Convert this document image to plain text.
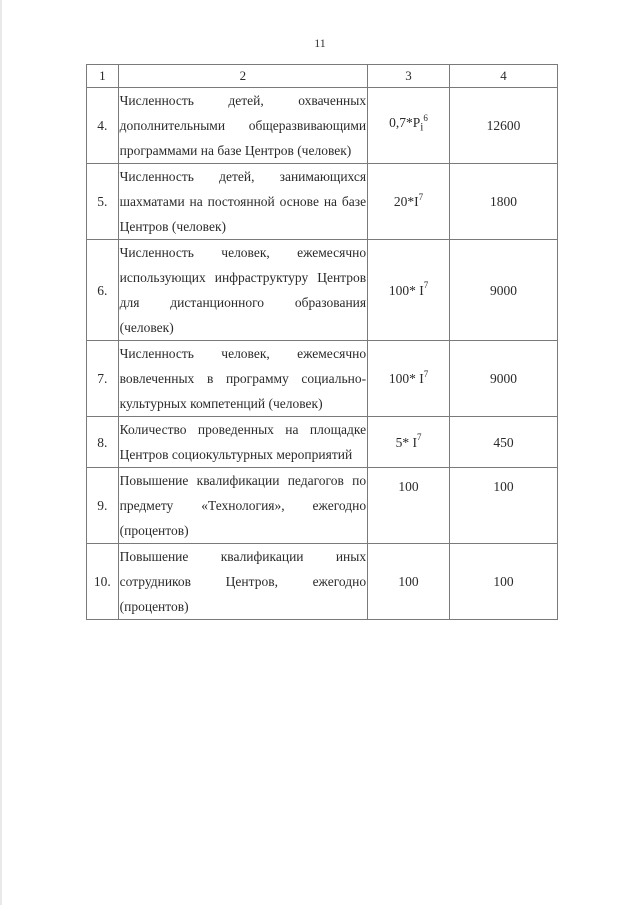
11
1	2	3	4
4.	Численность детей, охваченных дополнительными общеразвивающими программами на базе Центров (человек)	$0,7*P_i^6$	12600
5.	Численность детей, занимающихся шахматами на постоянной основе на базе Центров (человек)	$20*I^7$	1800
6.	Численность человек, ежемесячно использующих инфраструктуру Центров для дистанционного образования (человек)	100* $I^7$	9000
7.	Численность человек, ежемесячно вовлеченных в программу социально-культурных компетенций (человек)	100* $I^7$	9000
8.	Количество проведенных на площадке Центров социокультурных мероприятий	5* $I^7$	450
9.	Повышение квалификации педагогов по предмету «Технология», ежегодно (процентов)	100	100
10.	Повышение квалификации иных сотрудников Центров, ежегодно (процентов)	100	100
